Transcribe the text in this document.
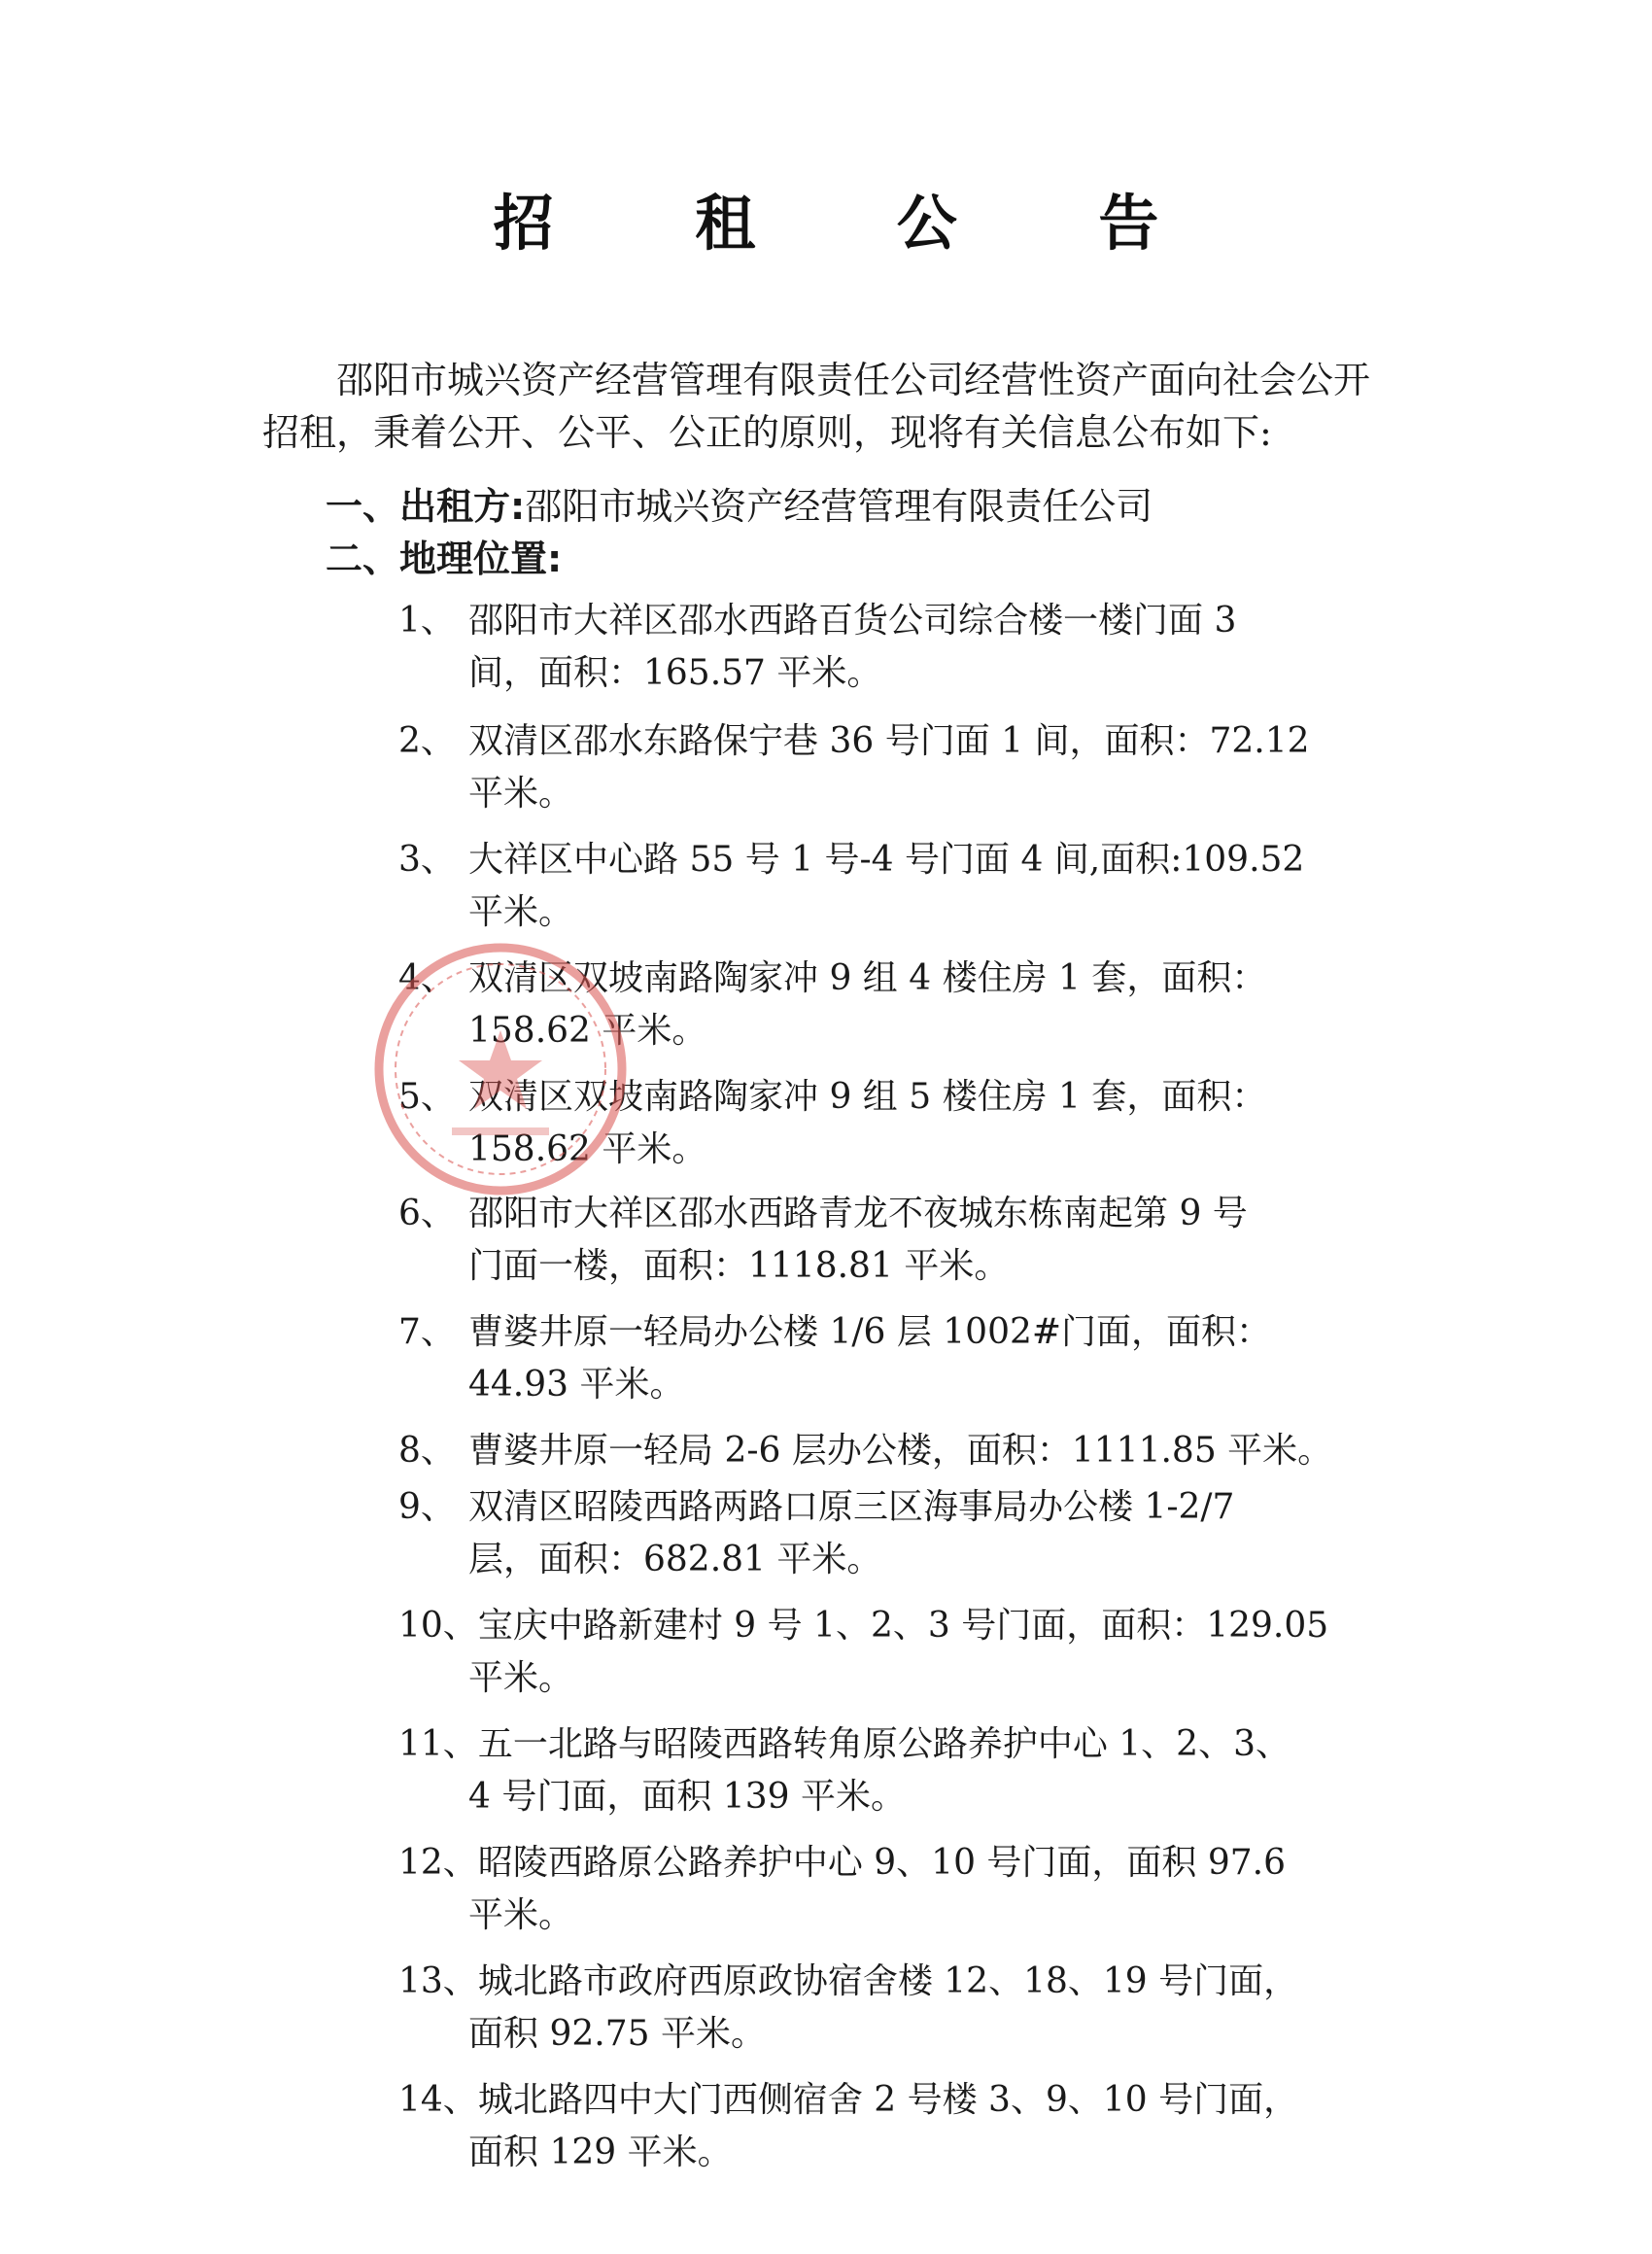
招 租 公 告

邵阳市城兴资产经营管理有限责任公司经营性资产面向社会公开招租，秉着公开、公平、公正的原则，现将有关信息公布如下:

一、出租方:邵阳市城兴资产经营管理有限责任公司
二、地理位置:
1、 邵阳市大祥区邵水西路百货公司综合楼一楼门面 3
间，面积：165.57 平米。
2、 双清区邵水东路保宁巷 36 号门面 1 间，面积：72.12
平米。
3、 大祥区中心路 55 号 1 号-4 号门面 4 间,面积:109.52
平米。
4、 双清区双坡南路陶家冲 9 组 4 楼住房 1 套，面积：
158.62 平米。
5、 双清区双坡南路陶家冲 9 组 5 楼住房 1 套，面积：
158.62 平米。
6、 邵阳市大祥区邵水西路青龙不夜城东栋南起第 9 号
门面一楼，面积：1118.81 平米。
7、 曹婆井原一轻局办公楼 1/6 层 1002#门面，面积：
44.93 平米。
8、 曹婆井原一轻局 2-6 层办公楼，面积：1111.85 平米。
9、 双清区昭陵西路两路口原三区海事局办公楼 1-2/7
层，面积：682.81 平米。
10、宝庆中路新建村 9 号 1、2、3 号门面，面积：129.05
平米。
11、五一北路与昭陵西路转角原公路养护中心 1、2、3、
4 号门面，面积 139 平米。
12、昭陵西路原公路养护中心 9、10 号门面，面积 97.6
平米。
13、城北路市政府西原政协宿舍楼 12、18、19 号门面，
面积 92.75 平米。
14、城北路四中大门西侧宿舍 2 号楼 3、9、10 号门面，
面积 129 平米。
